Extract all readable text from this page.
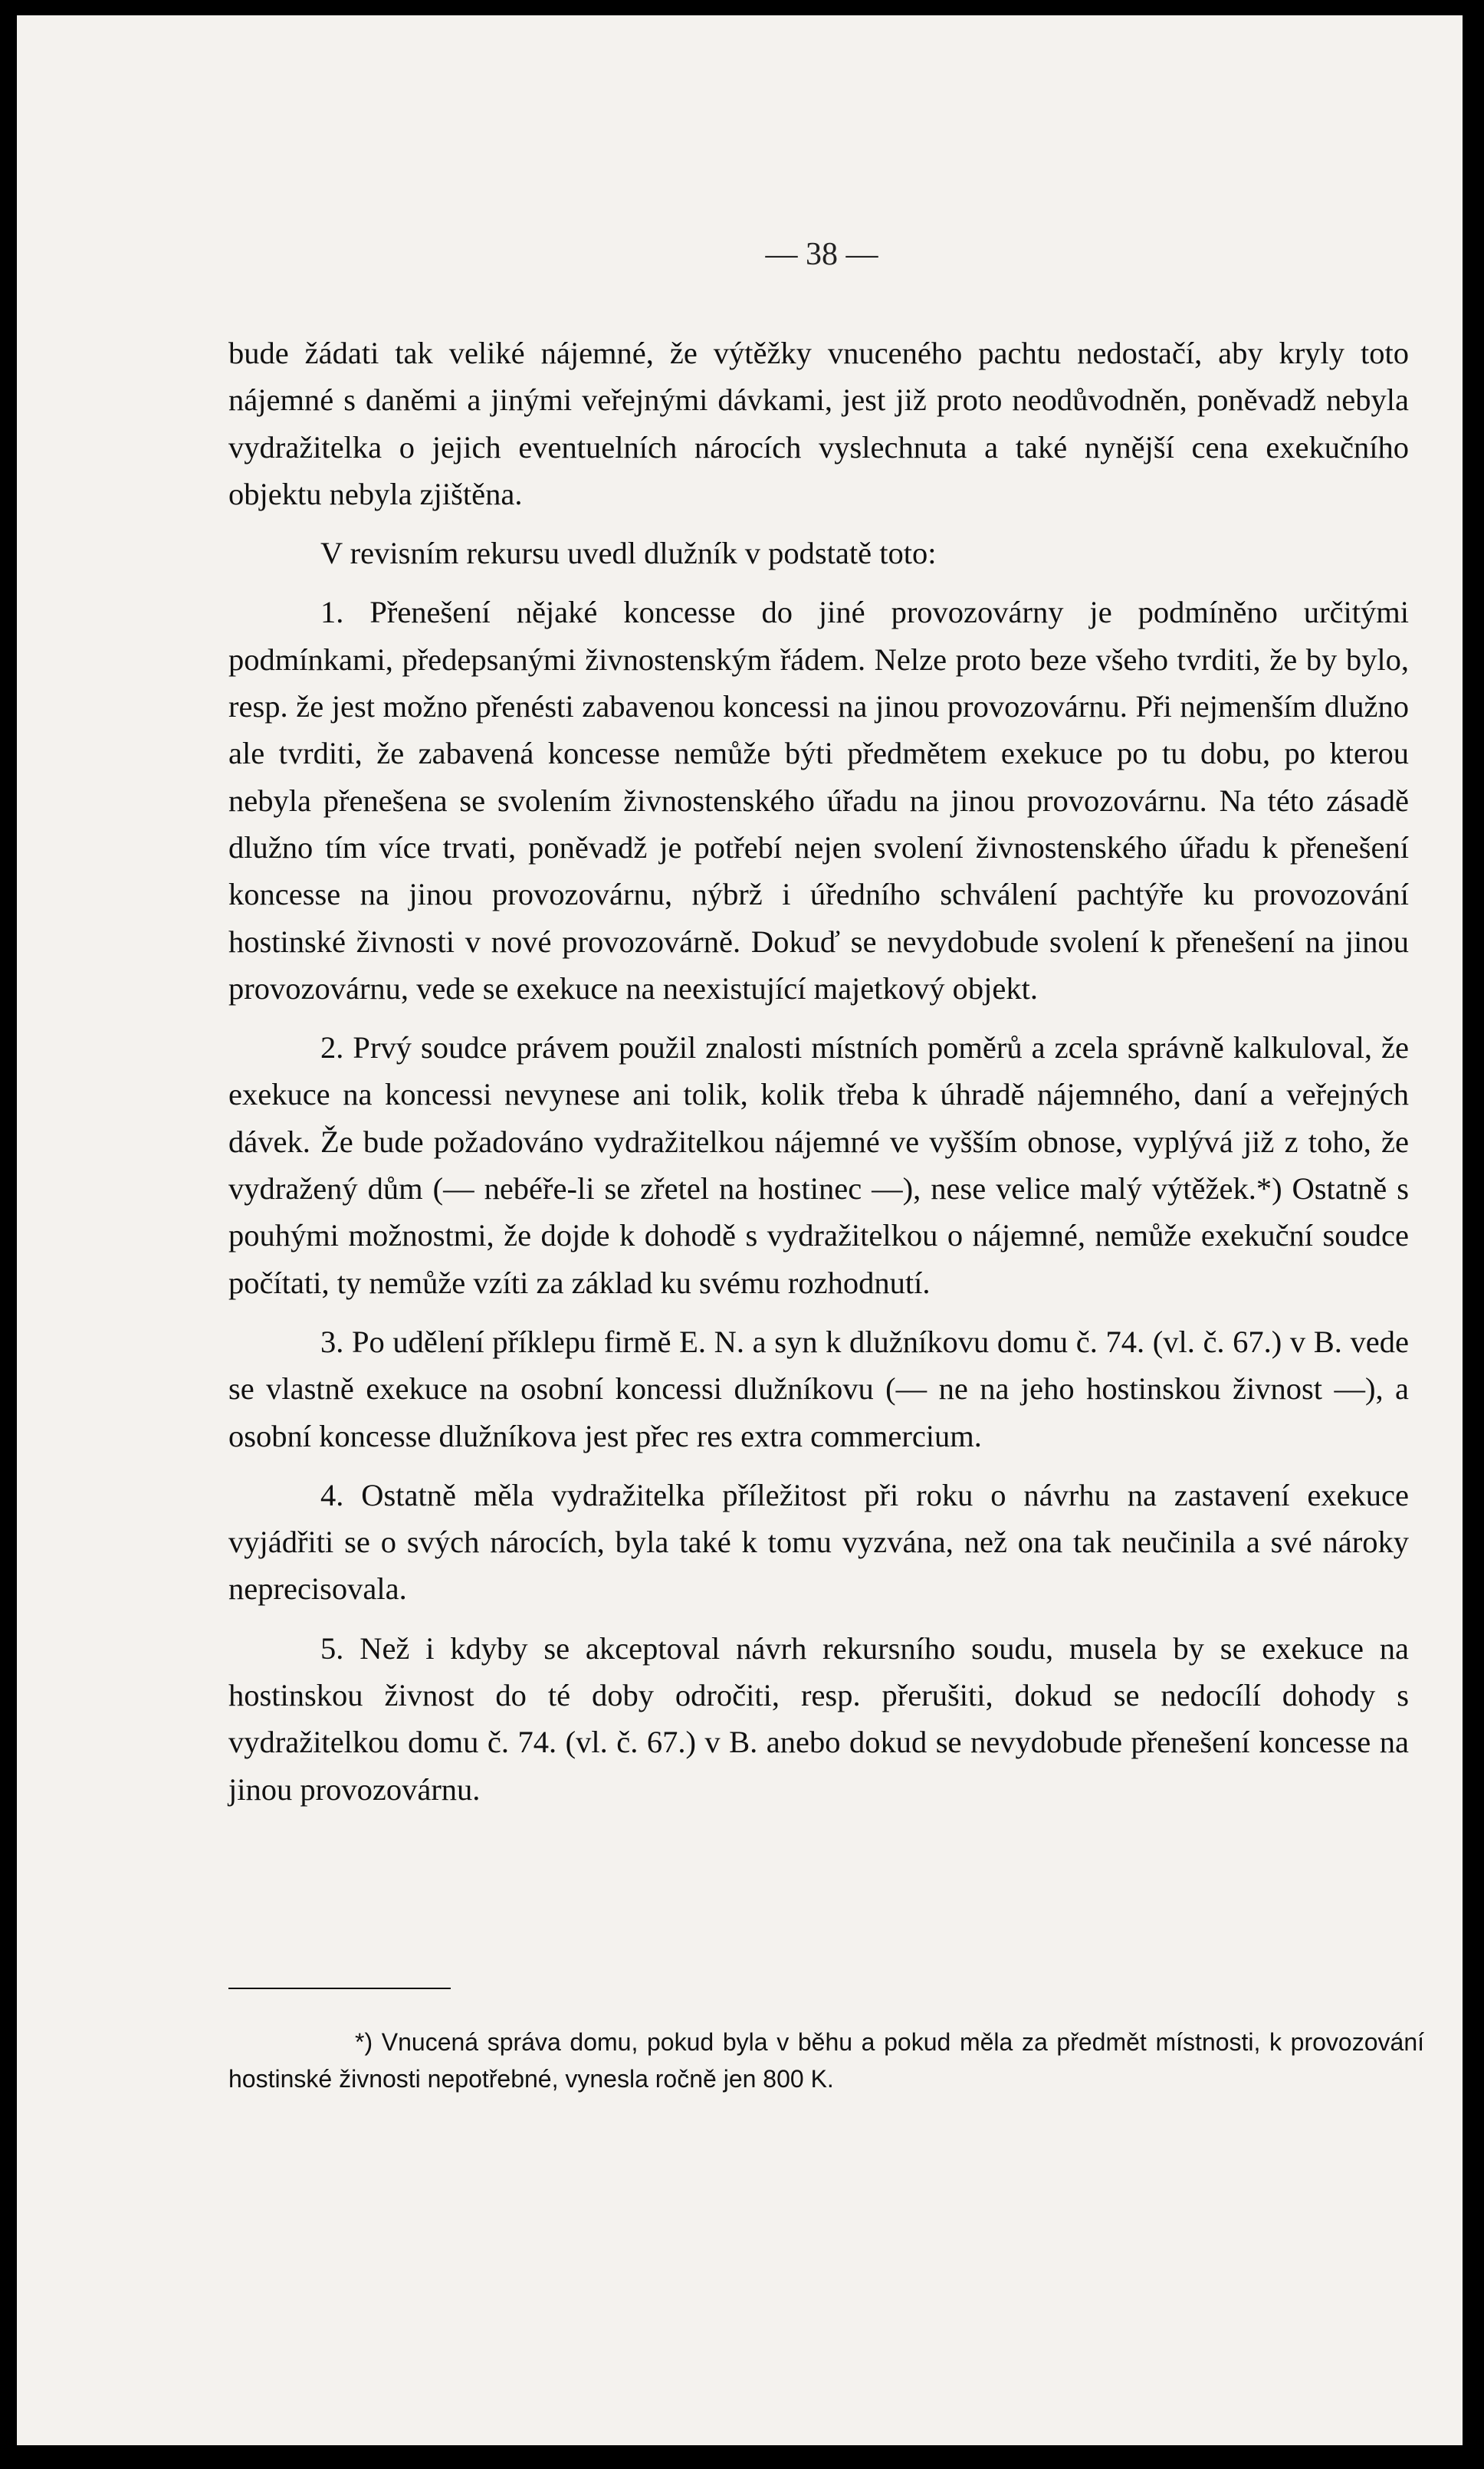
— 38 —

bude žádati tak veliké nájemné, že výtěžky vnuceného pachtu nedostačí, aby kryly toto nájemné s daněmi a jinými veřejnými dávkami, jest již proto neodůvodněn, poněvadž nebyla vydražitelka o jejich eventuelních nárocích vyslechnuta a také nynější cena exekučního objektu nebyla zjištěna.

V revisním rekursu uvedl dlužník v podstatě toto:

1. Přenešení nějaké koncesse do jiné provozovárny je podmíněno určitými podmínkami, předepsanými živnostenským řádem. Nelze proto beze všeho tvrditi, že by bylo, resp. že jest možno přenésti zabavenou koncessi na jinou provozovárnu. Při nejmenším dlužno ale tvrditi, že zabavená koncesse nemůže býti předmětem exekuce po tu dobu, po kterou nebyla přenešena se svolením živnostenského úřadu na jinou provozovárnu. Na této zásadě dlužno tím více trvati, poněvadž je potřebí nejen svolení živnostenského úřadu k přenešení koncesse na jinou provozovárnu, nýbrž i úředního schválení pachtýře ku provozování hostinské živnosti v nové provozovárně. Dokuď se nevydobude svolení k přenešení na jinou provozovárnu, vede se exekuce na neexistující majetkový objekt.

2. Prvý soudce právem použil znalosti místních poměrů a zcela správně kalkuloval, že exekuce na koncessi nevynese ani tolik, kolik třeba k úhradě nájemného, daní a veřejných dávek. Že bude požadováno vydražitelkou nájemné ve vyšším obnose, vyplývá již z toho, že vydražený dům (— nebéře-li se zřetel na hostinec —), nese velice malý výtěžek.*) Ostatně s pouhými možnostmi, že dojde k dohodě s vydražitelkou o nájemné, nemůže exekuční soudce počítati, ty nemůže vzíti za základ ku svému rozhodnutí.

3. Po udělení příklepu firmě E. N. a syn k dlužníkovu domu č. 74. (vl. č. 67.) v B. vede se vlastně exekuce na osobní koncessi dlužníkovu (— ne na jeho hostinskou živnost —), a osobní koncesse dlužníkova jest přec res extra commercium.

4. Ostatně měla vydražitelka příležitost při roku o návrhu na zastavení exekuce vyjádřiti se o svých nárocích, byla také k tomu vyzvána, než ona tak neučinila a své nároky neprecisovala.

5. Než i kdyby se akceptoval návrh rekursního soudu, musela by se exekuce na hostinskou živnost do té doby odročiti, resp. přerušiti, dokud se nedocílí dohody s vydražitelkou domu č. 74. (vl. č. 67.) v B. anebo dokud se nevydobude přenešení koncesse na jinou provozovárnu.

*) Vnucená správa domu, pokud byla v běhu a pokud měla za předmět místnosti, k provozování hostinské živnosti nepotřebné, vynesla ročně jen 800 K.
